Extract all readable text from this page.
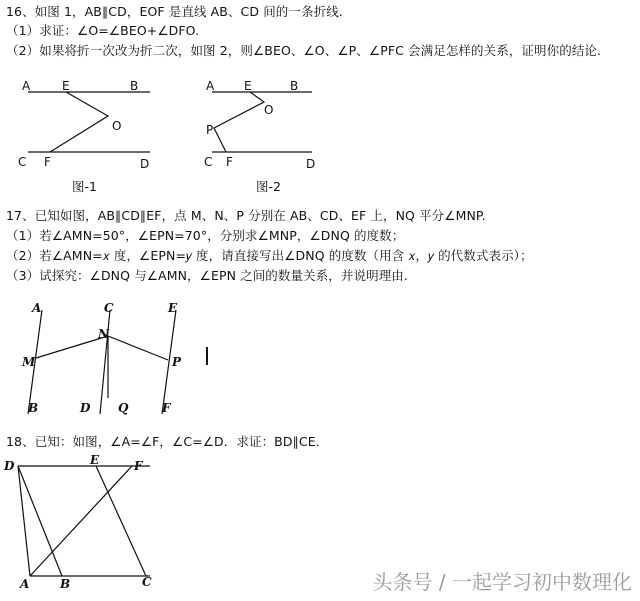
16、如图 1，AB∥CD，EOF 是直线 AB、CD 间的一条折线.
（1）求证：∠O=∠BEO+∠DFO.
（2）如果将折一次改为折二次，如图 2，则∠BEO、∠O、∠P、∠PFC 会满足怎样的关系，证明你的结论.
A	E	B
O
C F	D
图-1
A E	B
O
P
C F	D
图-2
17、已知如图，AB∥CD∥EF，点 M、N、P 分别在 AB、CD、EF 上，NQ 平分∠MNP.
（1）若∠AMN=50°，∠EPN=70°，分别求∠MNP，∠DNQ 的度数；
（2）若∠AMN=𝑥 度，∠EPN=𝑦 度，请直接写出∠DNQ 的度数（用含 𝑥，𝑦 的代数式表示）；
（3）试探究：∠DNQ 与∠AMN，∠EPN 之间的数量关系，并说明理由.
A	C	E
N
M	P
B	D Q	F
18、已知：如图，∠A=∠F，∠C=∠D．求证：BD∥CE．
D	E	F
A	B	C	头条号 / 一起学习初中数理化
